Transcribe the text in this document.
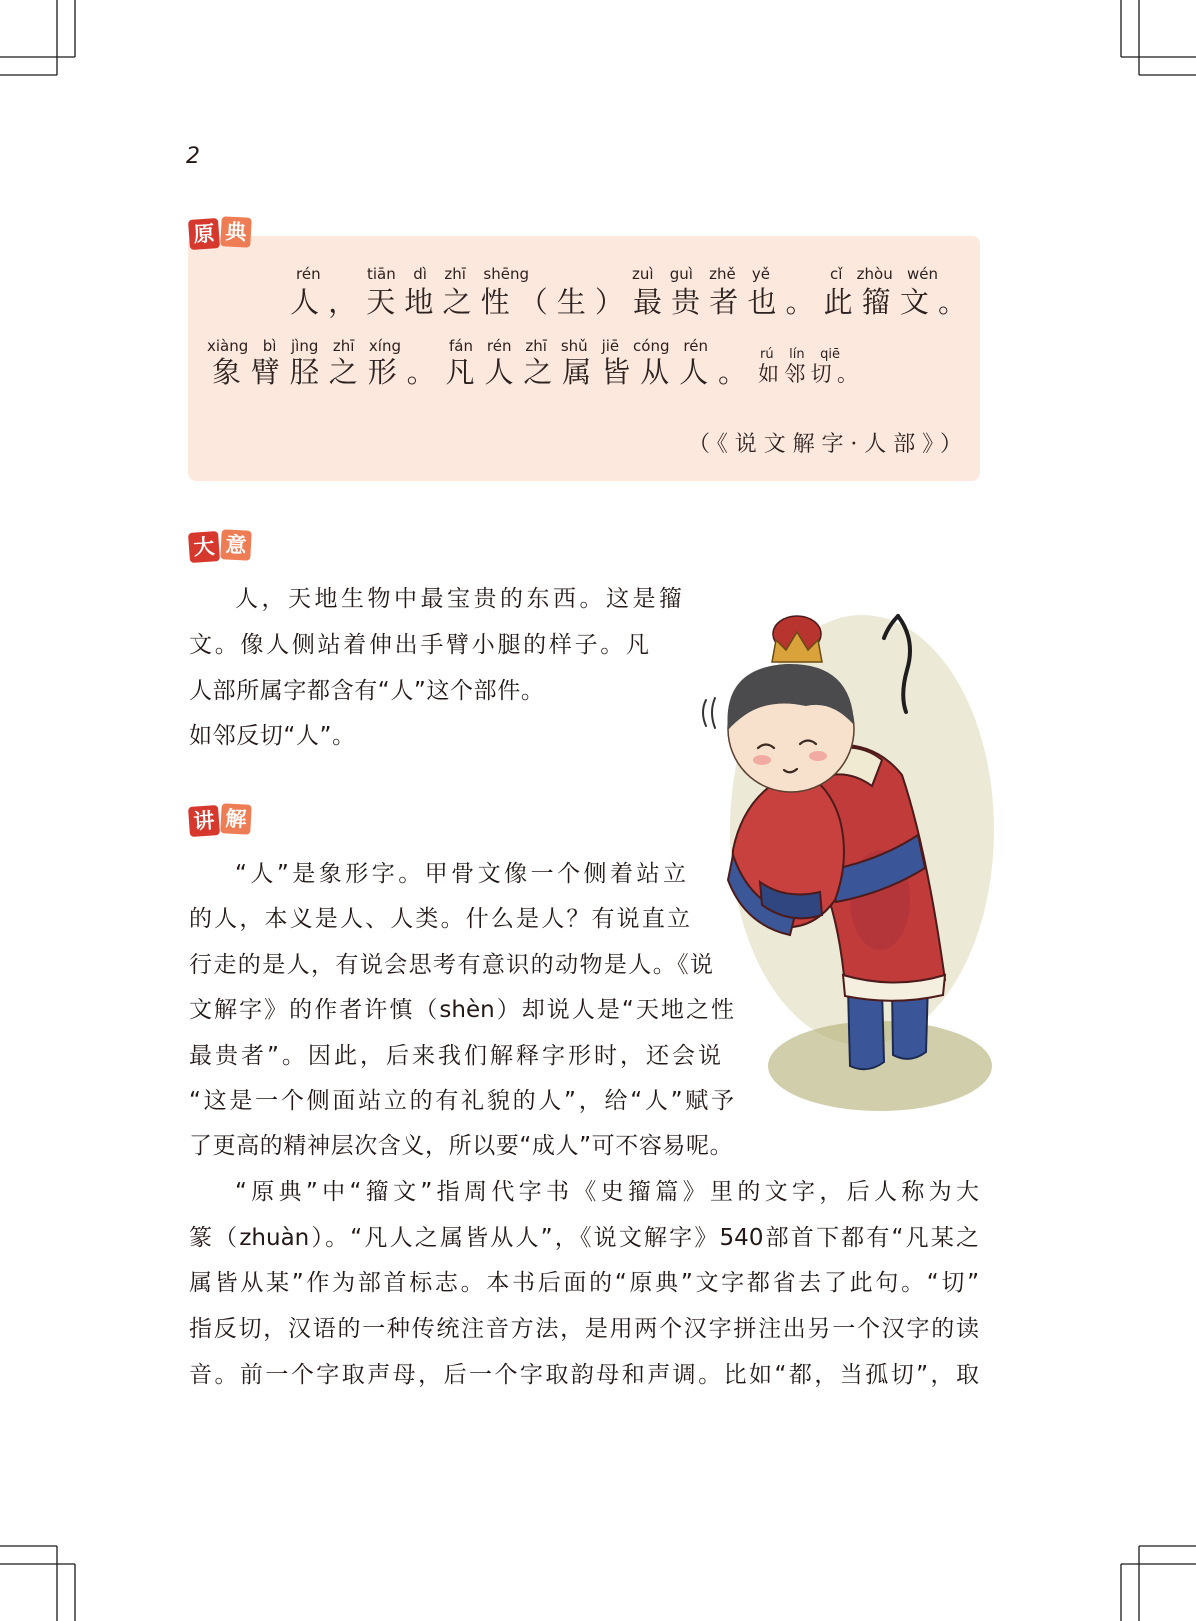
2
原 典
rén	tiān dì zhī shēng	zuì guì zhě yě	cǐ zhòu wén
人，天地之性（生）最贵者也。此籀文。
xiàng bì jìng zhī xíng	fán rén zhī shǔ jiē cóng rén	rú lín qiē
象臂胫之形。凡人之属皆从人。 如邻切。
（《说文解字·人部》）
大 意
人，天地生物中最宝贵的东西。这是籀
文。像人侧站着伸出手臂小腿的样子。凡
人部所属字都含有“人”这个部件。
如邻反切“人”。
讲 解
“人”是象形字。甲骨文像一个侧着站立
的人，本义是人、人类。什么是人？有说直立
行走的是人，有说会思考有意识的动物是人。《说
文解字》的作者许慎（shèn）却说人是“天地之性
最贵者”。因此，后来我们解释字形时，还会说
“这是一个侧面站立的有礼貌的人”，给“人”赋予
了更高的精神层次含义，所以要“成人”可不容易呢。
“原典”中“籀文”指周代字书《史籀篇》里的文字，后人称为大
篆（zhuàn）。“凡人之属皆从人”，《说文解字》540部首下都有“凡某之
属皆从某”作为部首标志。本书后面的“原典”文字都省去了此句。“切”
指反切，汉语的一种传统注音方法，是用两个汉字拼注出另一个汉字的读
音。前一个字取声母，后一个字取韵母和声调。比如“都，当孤切”，取
